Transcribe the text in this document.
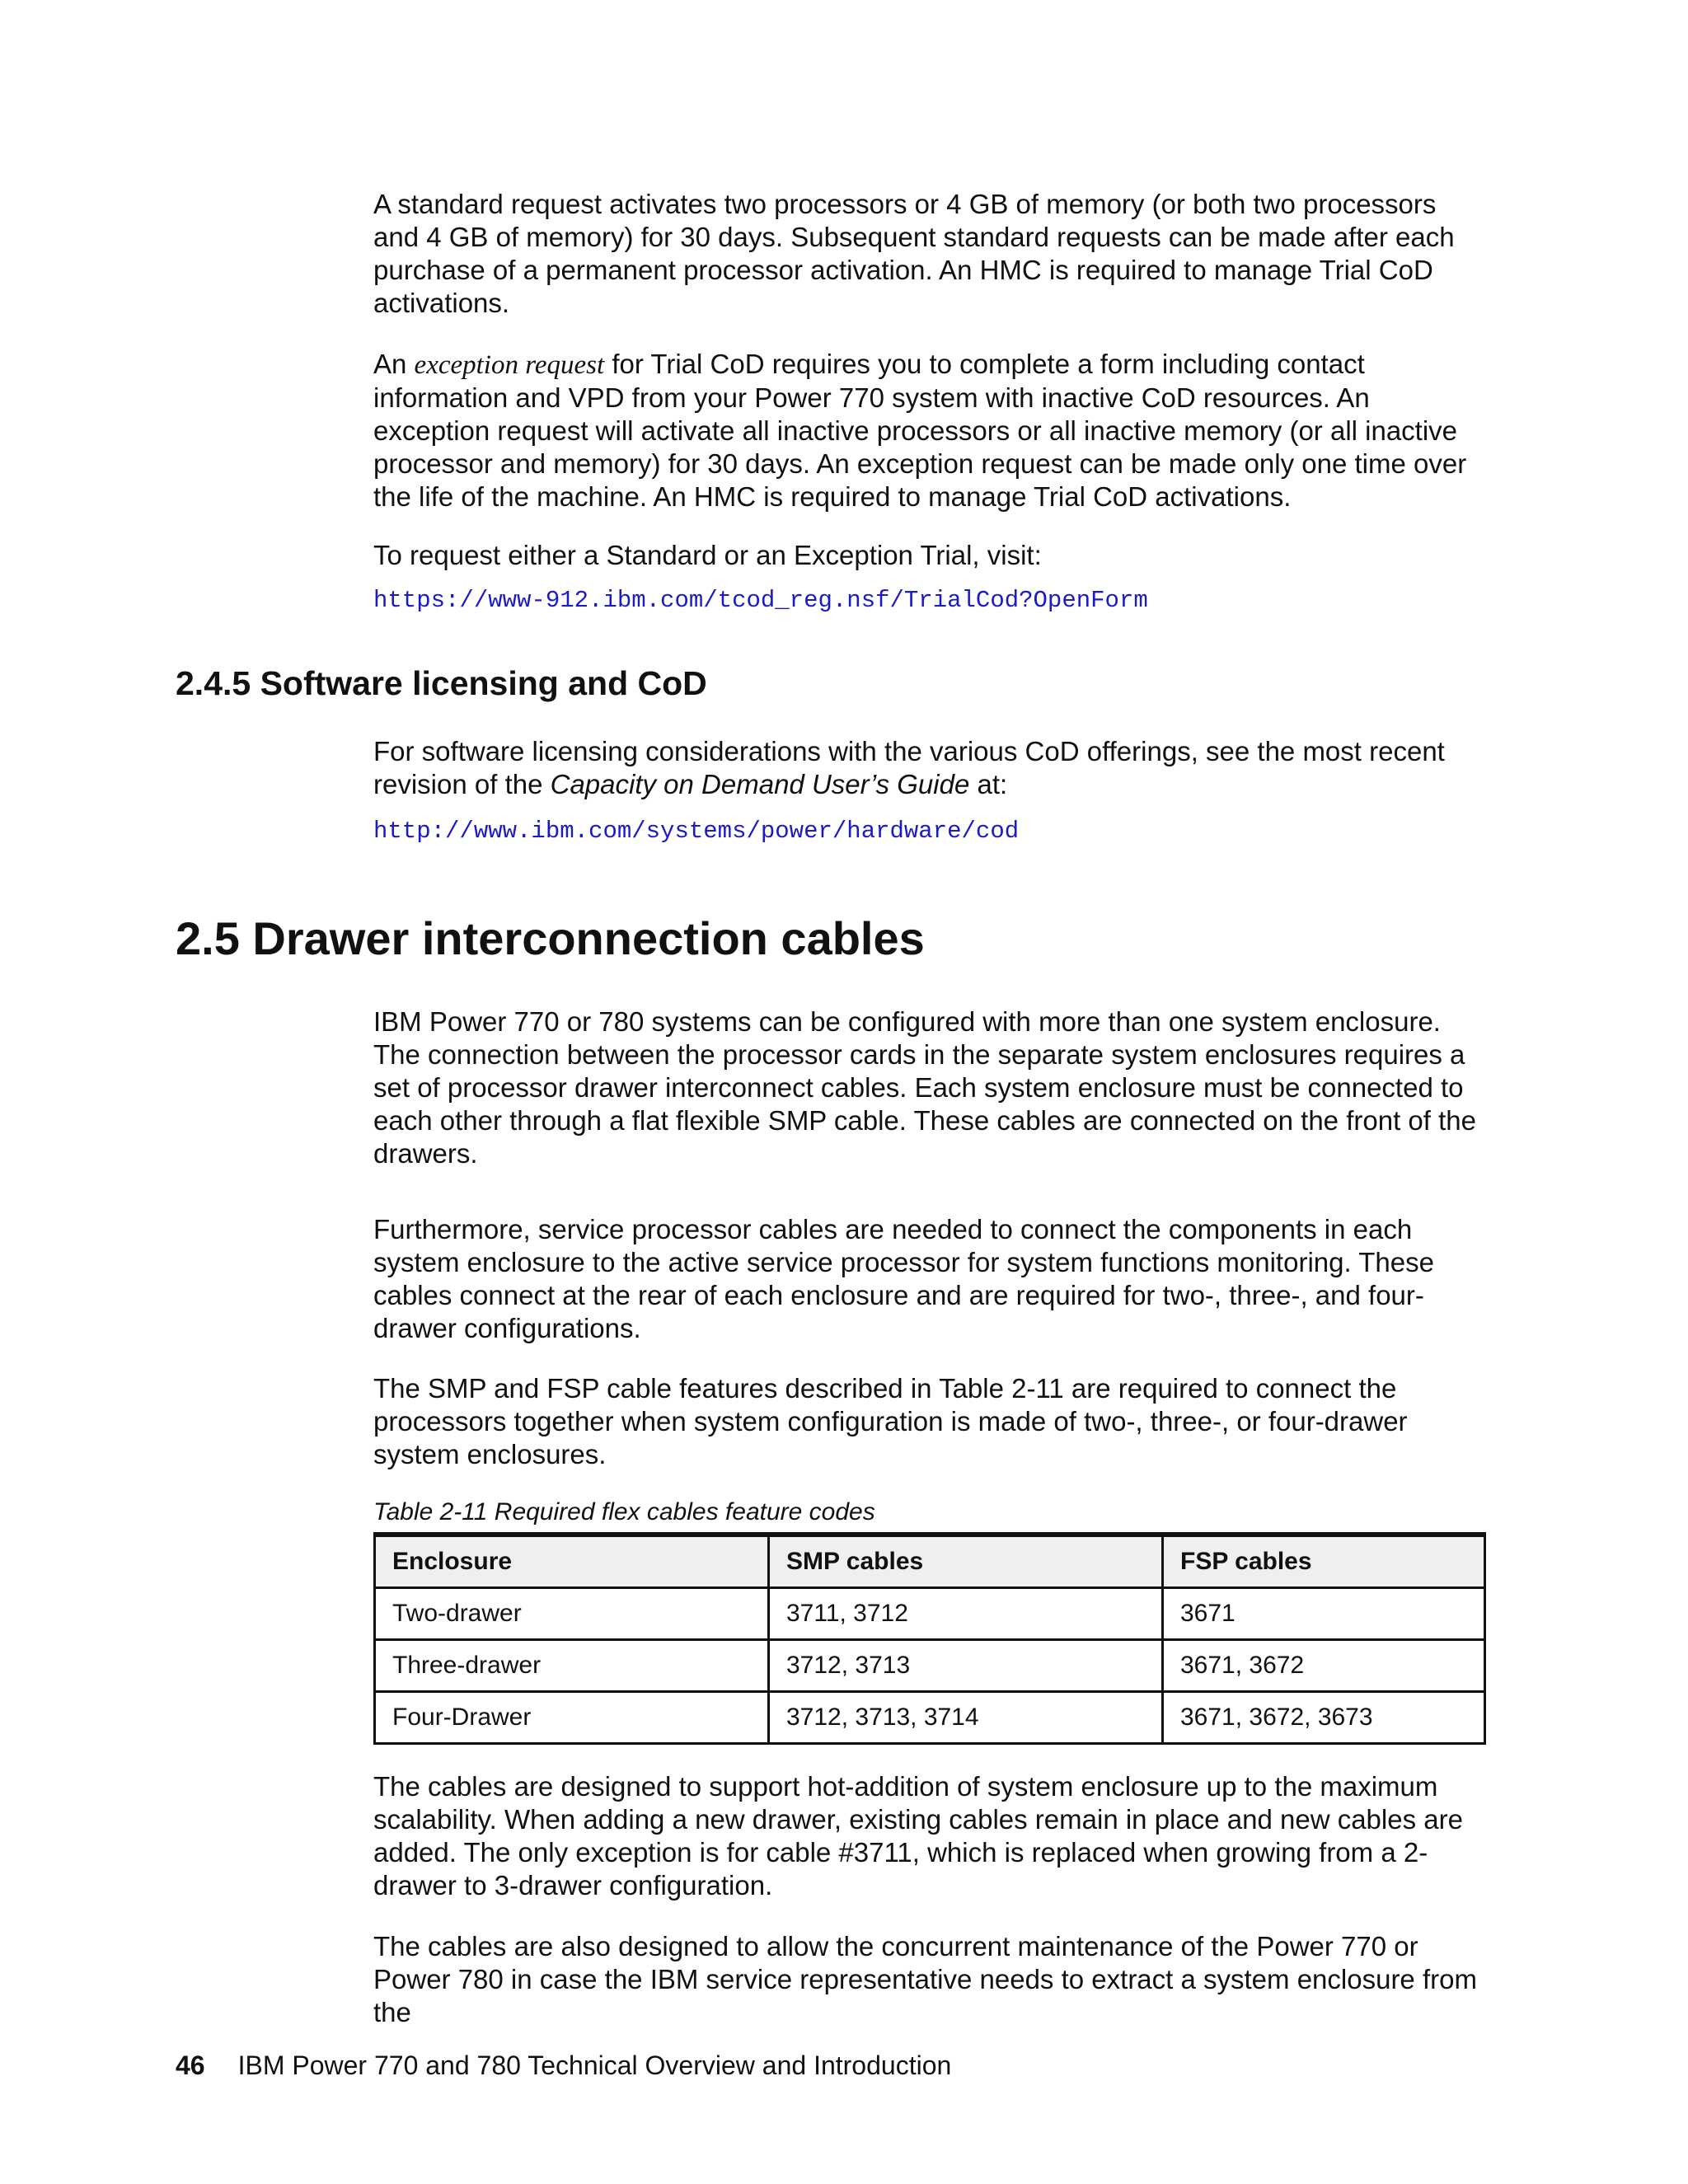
A standard request activates two processors or 4 GB of memory (or both two processors and 4 GB of memory) for 30 days. Subsequent standard requests can be made after each purchase of a permanent processor activation. An HMC is required to manage Trial CoD activations.

An exception request for Trial CoD requires you to complete a form including contact information and VPD from your Power 770 system with inactive CoD resources. An exception request will activate all inactive processors or all inactive memory (or all inactive processor and memory) for 30 days. An exception request can be made only one time over the life of the machine. An HMC is required to manage Trial CoD activations.

To request either a Standard or an Exception Trial, visit:

https://www-912.ibm.com/tcod_reg.nsf/TrialCod?OpenForm
2.4.5 Software licensing and CoD

For software licensing considerations with the various CoD offerings, see the most recent revision of the Capacity on Demand User’s Guide at:

http://www.ibm.com/systems/power/hardware/cod
2.5 Drawer interconnection cables

IBM Power 770 or 780 systems can be configured with more than one system enclosure. The connection between the processor cards in the separate system enclosures requires a set of processor drawer interconnect cables. Each system enclosure must be connected to each other through a flat flexible SMP cable. These cables are connected on the front of the drawers.

Furthermore, service processor cables are needed to connect the components in each system enclosure to the active service processor for system functions monitoring. These cables connect at the rear of each enclosure and are required for two-, three-, and four-drawer configurations.

The SMP and FSP cable features described in Table 2-11 are required to connect the processors together when system configuration is made of two-, three-, or four-drawer system enclosures.

Table 2-11 Required flex cables feature codes

Enclosure	SMP cables	FSP cables
Two-drawer	3711, 3712	3671
Three-drawer	3712, 3713	3671, 3672
Four-Drawer	3712, 3713, 3714	3671, 3672, 3673

The cables are designed to support hot-addition of system enclosure up to the maximum scalability. When adding a new drawer, existing cables remain in place and new cables are added. The only exception is for cable #3711, which is replaced when growing from a 2-drawer to 3-drawer configuration.

The cables are also designed to allow the concurrent maintenance of the Power 770 or Power 780 in case the IBM service representative needs to extract a system enclosure from the

46 IBM Power 770 and 780 Technical Overview and Introduction
